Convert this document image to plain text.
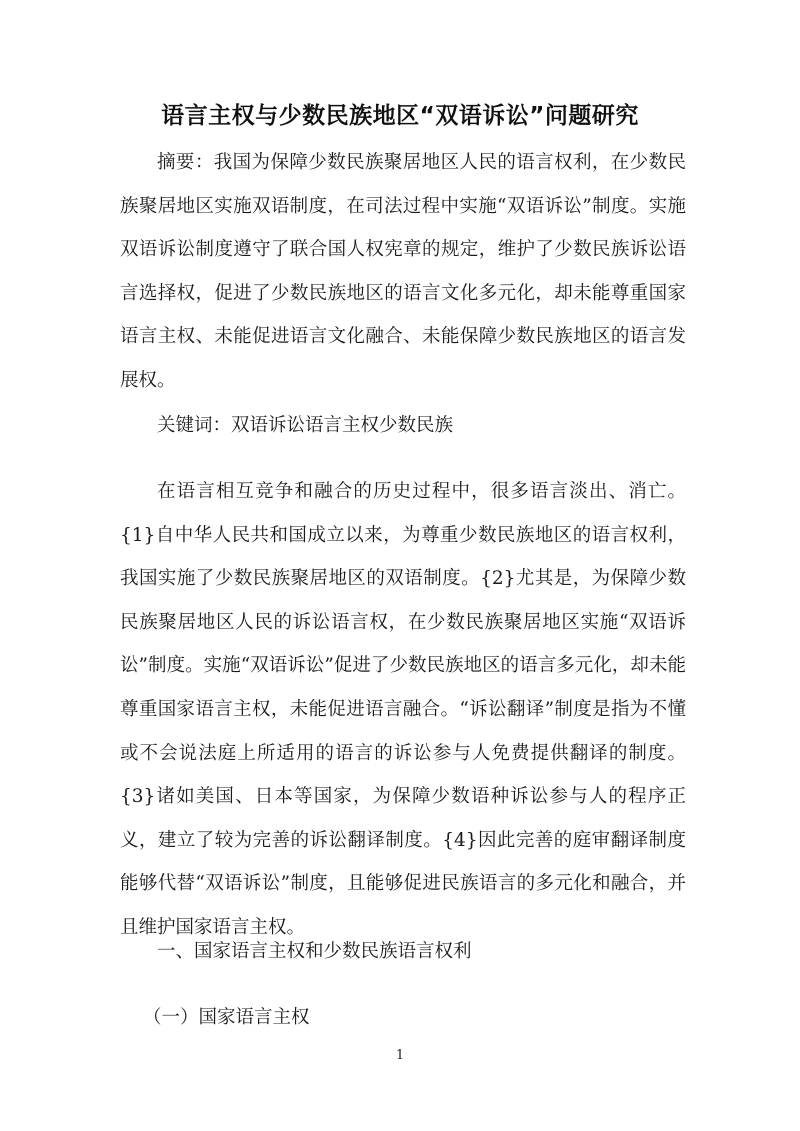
语言主权与少数民族地区“双语诉讼”问题研究

摘要：我国为保障少数民族聚居地区人民的语言权利，在少数民族聚居地区实施双语制度，在司法过程中实施“双语诉讼”制度。实施双语诉讼制度遵守了联合国人权宪章的规定，维护了少数民族诉讼语言选择权，促进了少数民族地区的语言文化多元化，却未能尊重国家语言主权、未能促进语言文化融合、未能保障少数民族地区的语言发展权。

关键词：双语诉讼语言主权少数民族

在语言相互竞争和融合的历史过程中，很多语言淡出、消亡。{1}自中华人民共和国成立以来，为尊重少数民族地区的语言权利，我国实施了少数民族聚居地区的双语制度。{2}尤其是，为保障少数民族聚居地区人民的诉讼语言权，在少数民族聚居地区实施“双语诉讼”制度。实施“双语诉讼”促进了少数民族地区的语言多元化，却未能尊重国家语言主权，未能促进语言融合。“诉讼翻译”制度是指为不懂或不会说法庭上所适用的语言的诉讼参与人免费提供翻译的制度。{3}诸如美国、日本等国家，为保障少数语种诉讼参与人的程序正义，建立了较为完善的诉讼翻译制度。{4}因此完善的庭审翻译制度能够代替“双语诉讼”制度，且能够促进民族语言的多元化和融合，并且维护国家语言主权。

一、国家语言主权和少数民族语言权利

（一）国家语言主权

1
